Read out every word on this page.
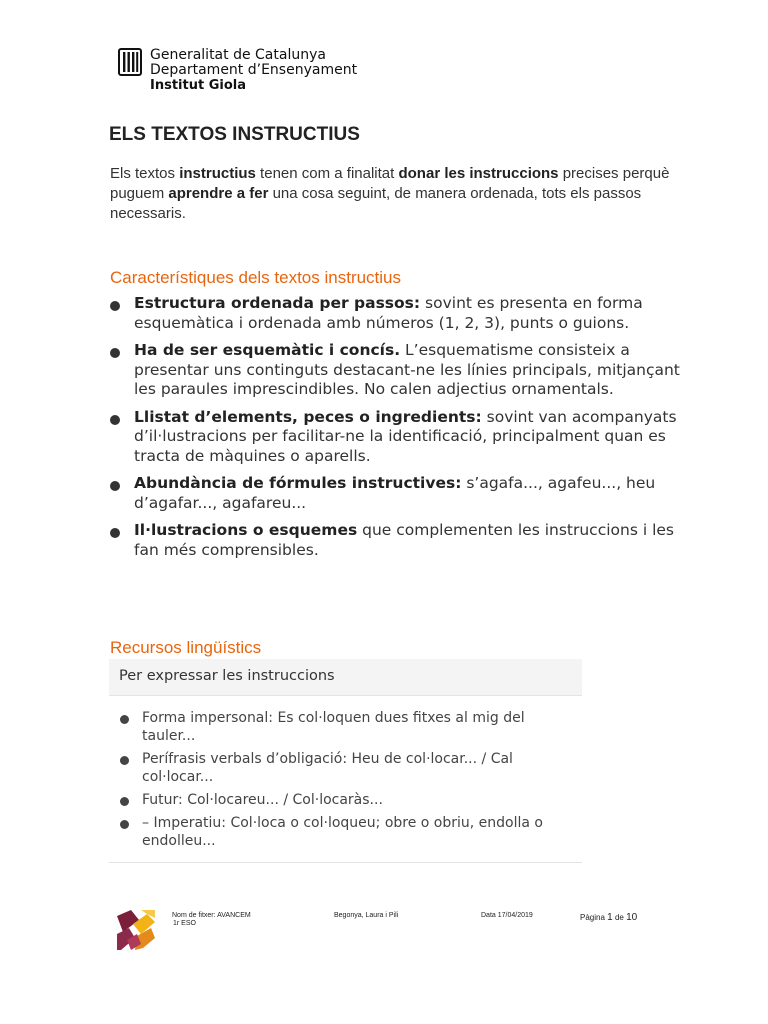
Generalitat de Catalunya
Departament d’Ensenyament
Institut Giola
ELS TEXTOS INSTRUCTIUS
Els textos instructius tenen com a finalitat donar les instruccions precises perquè puguem aprendre a fer una cosa seguint, de manera ordenada, tots els passos necessaris.
Característiques dels textos instructius
Estructura ordenada per passos: sovint es presenta en forma esquemàtica i ordenada amb números (1, 2, 3), punts o guions.
Ha de ser esquemàtic i concís. L’esquematisme consisteix a presentar uns continguts destacant-ne les línies principals, mitjançant les paraules imprescindibles. No calen adjectius ornamentals.
Llistat d’elements, peces o ingredients: sovint van acompanyats d’il·lustracions per facilitar-ne la identificació, principalment quan es tracta de màquines o aparells.
Abundància de fórmules instructives: s’agafa..., agafeu..., heu d’agafar..., agafareu...
Il·lustracions o esquemes que complementen les instruccions i les fan més comprensibles.
Recursos lingüístics
Per expressar les instruccions
Forma impersonal: Es col·loquen dues fitxes al mig del tauler...
Perífrasis verbals d’obligació: Heu de col·locar... / Cal col·locar...
Futur: Col·locareu... / Col·locaràs...
– Imperatiu: Col·loca o col·loqueu; obre o obriu, endolla o endolleu...
Nom de fitxer: AVANCEM
1r ESO
Begonya, Laura i Pili	Data 17/04/2019	Pàgina 1 de 10
